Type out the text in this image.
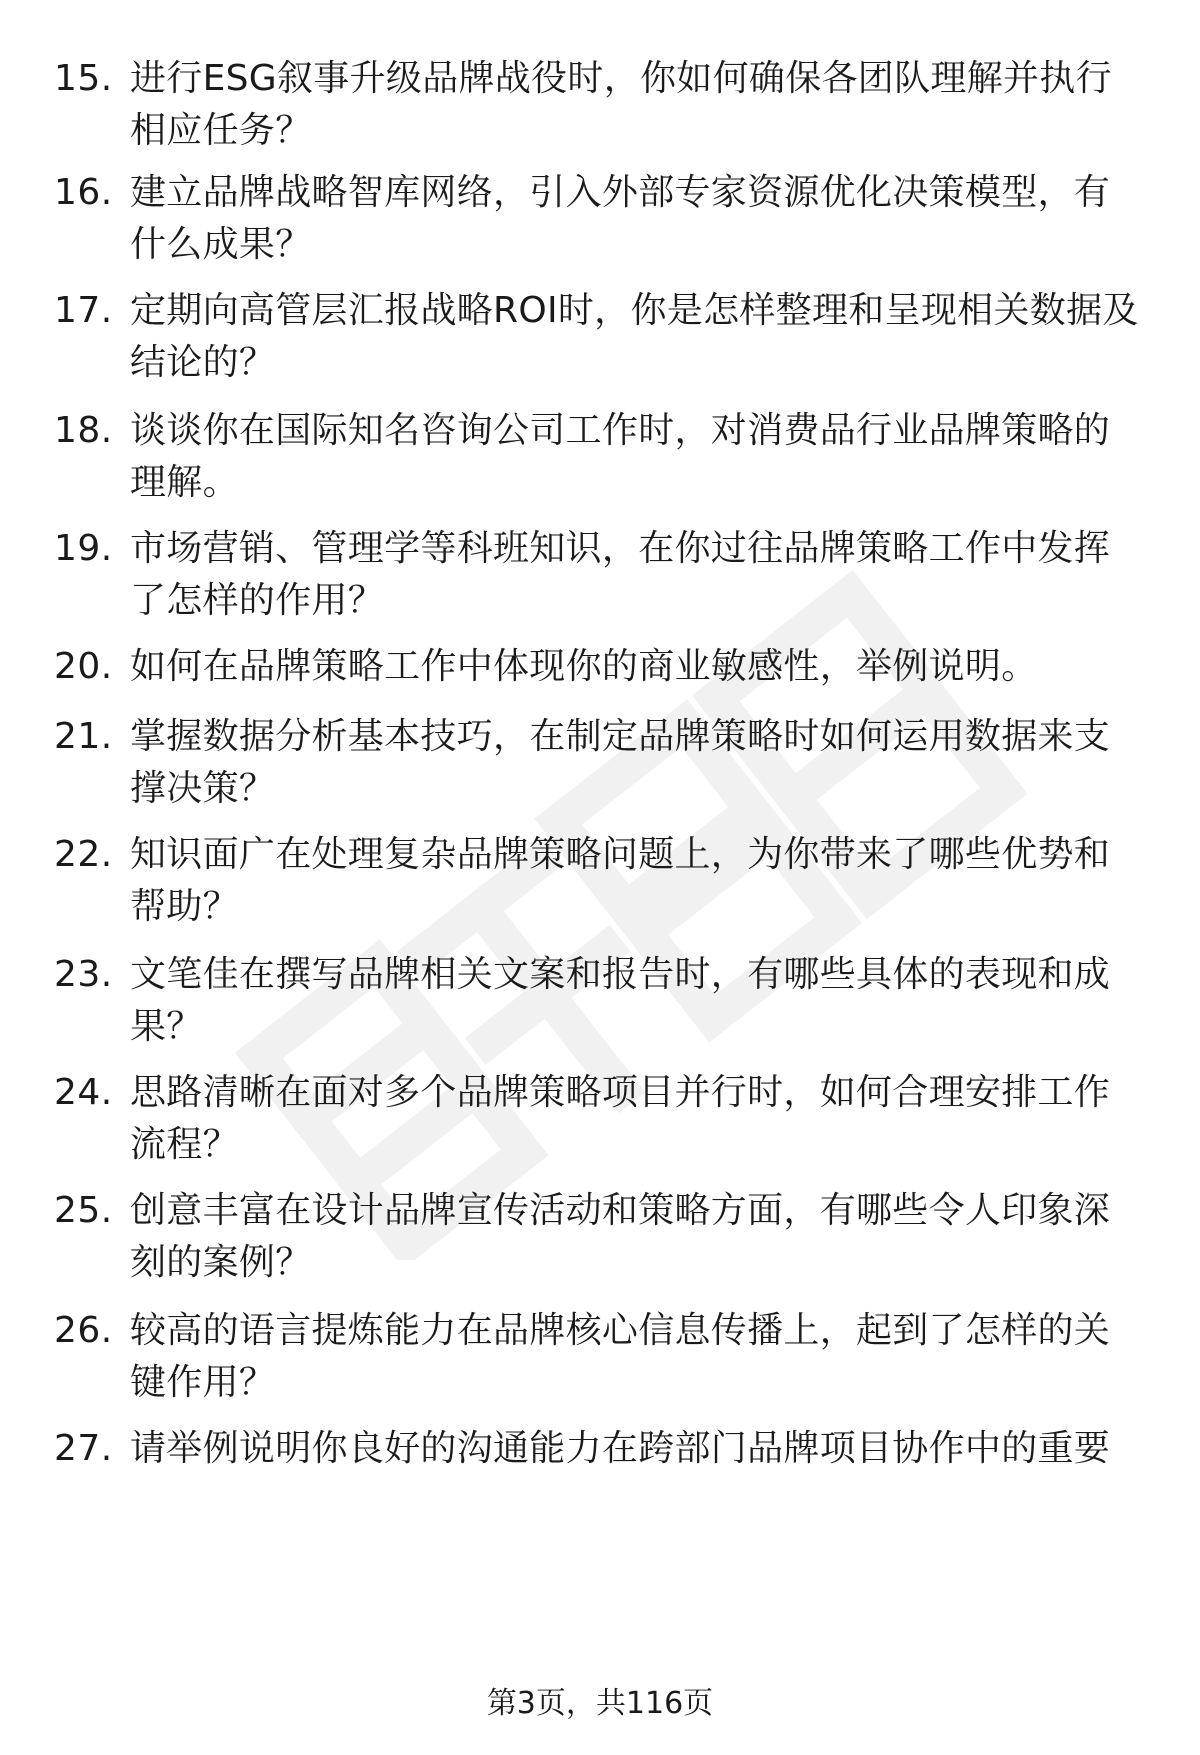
15. 进行ESG叙事升级品牌战役时，你如何确保各团队理解并执行相应任务？
16. 建立品牌战略智库网络，引入外部专家资源优化决策模型，有什么成果？
17. 定期向高管层汇报战略ROI时，你是怎样整理和呈现相关数据及结论的？
18. 谈谈你在国际知名咨询公司工作时，对消费品行业品牌策略的理解。
19. 市场营销、管理学等科班知识，在你过往品牌策略工作中发挥了怎样的作用？
20. 如何在品牌策略工作中体现你的商业敏感性，举例说明。
21. 掌握数据分析基本技巧，在制定品牌策略时如何运用数据来支撑决策？
22. 知识面广在处理复杂品牌策略问题上，为你带来了哪些优势和帮助？
23. 文笔佳在撰写品牌相关文案和报告时，有哪些具体的表现和成果？
24. 思路清晰在面对多个品牌策略项目并行时，如何合理安排工作流程？
25. 创意丰富在设计品牌宣传活动和策略方面，有哪些令人印象深刻的案例？
26. 较高的语言提炼能力在品牌核心信息传播上，起到了怎样的关键作用？
27. 请举例说明你良好的沟通能力在跨部门品牌项目协作中的重要
第3页，共116页
